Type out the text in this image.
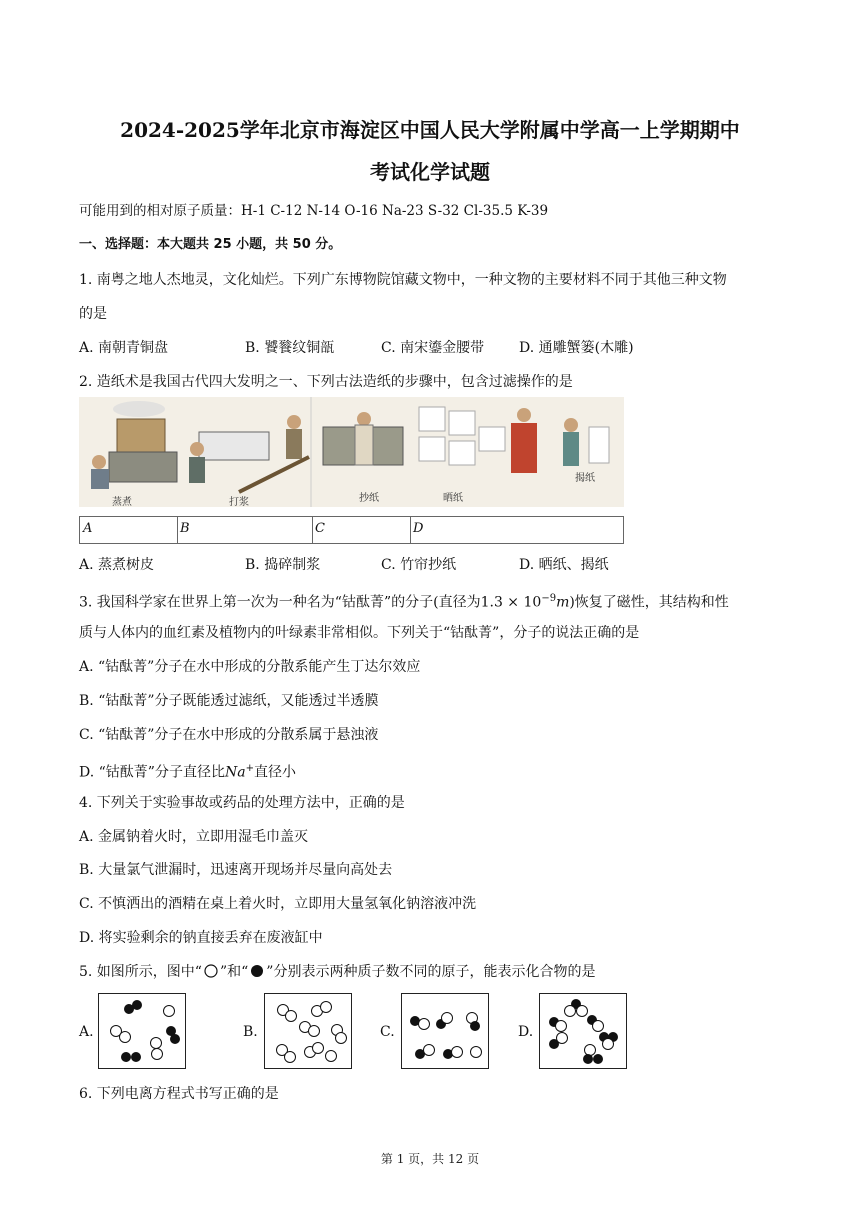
2024-2025学年北京市海淀区中国人民大学附属中学高一上学期期中
考试化学试题
可能用到的相对原子质量：H-1 C-12 N-14 O-16 Na-23 S-32 Cl-35.5 K-39
一、选择题：本大题共 25 小题，共 50 分。
1. 南粤之地人杰地灵，文化灿烂。下列广东博物院馆藏文物中，一种文物的主要材料不同于其他三种文物
的是
A. 南朝青铜盘	B. 饕餮纹铜瓿	C. 南宋鎏金腰带 D. 通雕蟹篓(木雕)
2. 造纸术是我国古代四大发明之一、下列古法造纸的步骤中，包含过滤操作的是
蒸煮	打浆	抄纸	晒纸
揭纸
A	B	C	D
A. 蒸煮树皮	B. 捣碎制浆	C. 竹帘抄纸	D. 晒纸、揭纸
3. 我国科学家在世界上第一次为一种名为“钴酞菁”的分子(直径为$1.3 \times 10^{-9}m$)恢复了磁性，其结构和性
质与人体内的血红素及植物内的叶绿素非常相似。下列关于“钴酞菁”，分子的说法正确的是
A. “钴酞菁”分子在水中形成的分散系能产生丁达尔效应
B. “钴酞菁”分子既能透过滤纸，又能透过半透膜
C. “钴酞菁”分子在水中形成的分散系属于悬浊液
D. “钴酞菁”分子直径比Na+直径小
4. 下列关于实验事故或药品的处理方法中，正确的是
A. 金属钠着火时，立即用湿毛巾盖灭
B. 大量氯气泄漏时，迅速离开现场并尽量向高处去
C. 不慎洒出的酒精在桌上着火时，立即用大量氢氧化钠溶液冲洗
D. 将实验剩余的钠直接丢弃在废液缸中
5. 如图所示，图中“ ”和“ ”分别表示两种质子数不同的原子，能表示化合物的是
A.	B.	C.	D.
6. 下列电离方程式书写正确的是
第 1 页，共 12 页
